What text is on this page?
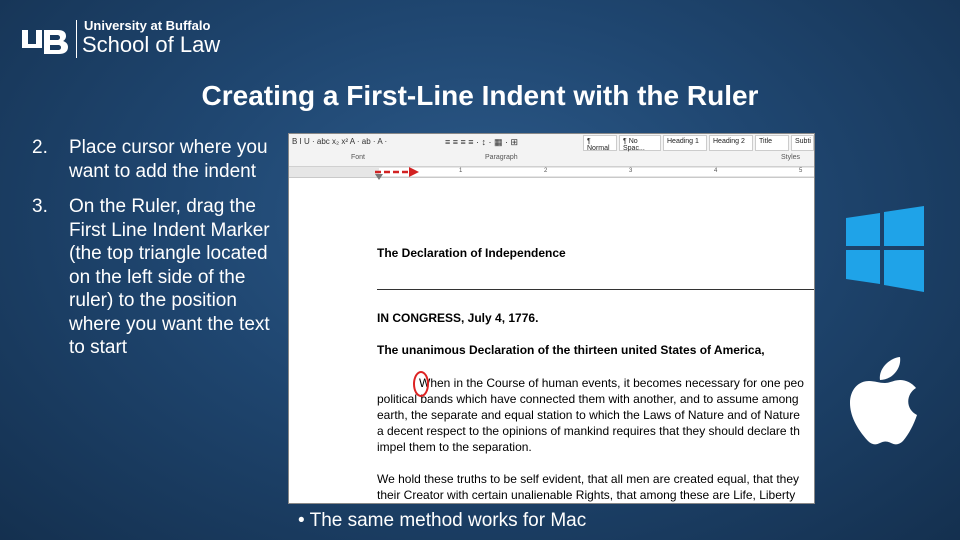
University at Buffalo
School of Law
Creating a First-Line Indent with the Ruler
2. Place cursor where you want to add the indent
3. On the Ruler, drag the First Line Indent Marker (the top triangle located on the left side of the ruler) to the position where you want the text to start
B I U · abc x₂ x² A · ab · A ·
Font	Paragraph	Styles
≡ ≡ ≡ ≡ · ↕ · ▦ · ⊞	¶ Normal
¶ No Spac...
Heading 1	Heading 2	Title	Subti
1	2	3	4	5
The Declaration of Independence
IN CONGRESS, July 4, 1776.
The unanimous Declaration of the thirteen united States of America,
When in the Course of human events, it becomes necessary for one peo
political bands which have connected them with another, and to assume among
earth, the separate and equal station to which the Laws of Nature and of Nature
a decent respect to the opinions of mankind requires that they should declare th
impel them to the separation.
We hold these truths to be self evident, that all men are created equal, that they
their Creator with certain unalienable Rights, that among these are Life, Liberty
• The same method works for Mac
